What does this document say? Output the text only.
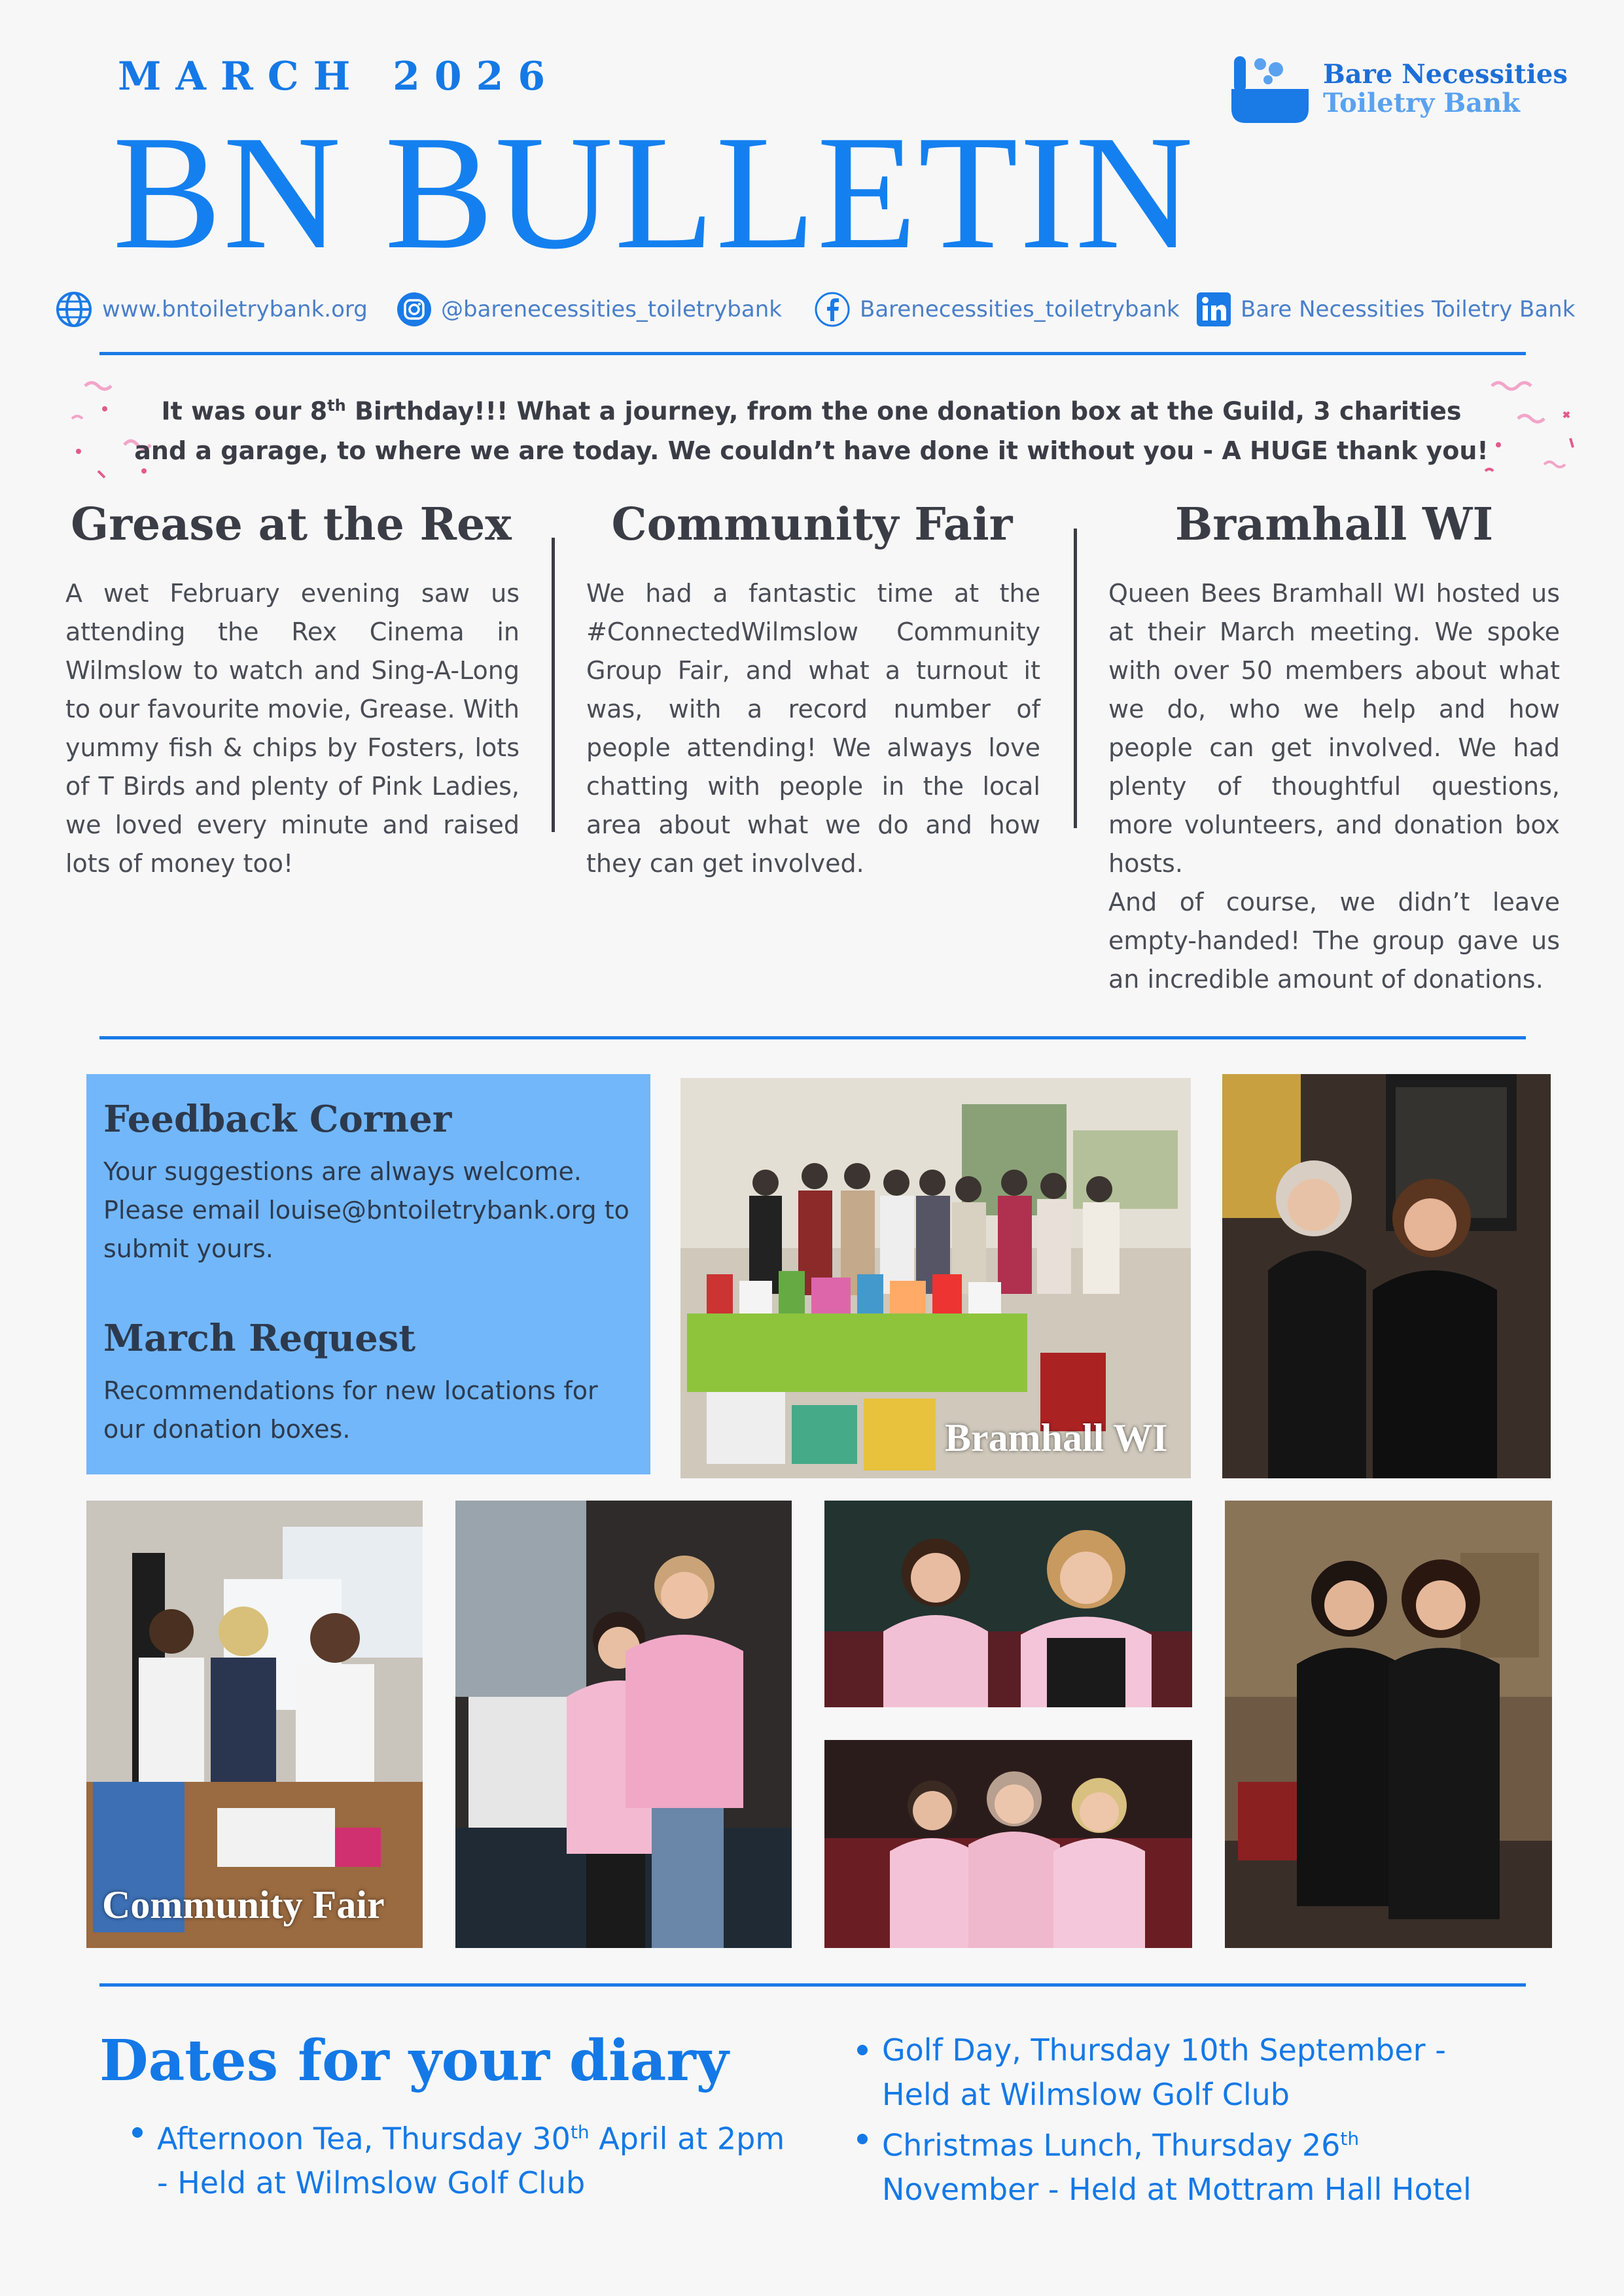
MARCH 2026
BN BULLETIN
Bare Necessities
Toiletry Bank
www.bntoiletrybank.org	@barenecessities_toiletrybank	Barenecessities_toiletrybank	Bare Necessities Toiletry Bank
It was our 8th Birthday!!! What a journey, from the one donation box at the Guild, 3 charities and a garage, to where we are today. We couldn’t have done it without you - A HUGE thank you!
Grease at the Rex
A wet February evening saw us attending the Rex Cinema in Wilmslow to watch and Sing-A-Long to our favourite movie, Grease. With yummy fish & chips by Fosters, lots of T Birds and plenty of Pink Ladies, we loved every minute and raised lots of money too!
Community Fair
We had a fantastic time at the #ConnectedWilmslow Community Group Fair, and what a turnout it was, with a record number of people attending! We always love chatting with people in the local area about what we do and how they can get involved.
Bramhall WI
Queen Bees Bramhall WI hosted us at their March meeting. We spoke with over 50 members about what we do, who we help and how people can get involved. We had plenty of thoughtful questions, more volunteers, and donation box hosts.
And of course, we didn’t leave empty-handed! The group gave us an incredible amount of donations.
Feedback Corner
Your suggestions are always welcome. Please email louise@bntoiletrybank.org to submit yours.
March Request
Recommendations for new locations for our donation boxes.	Bramhall WI
Community Fair
Dates for your diary
Afternoon Tea, Thursday 30th April at 2pm - Held at Wilmslow Golf Club
Golf Day, Thursday 10th September - Held at Wilmslow Golf Club
Christmas Lunch, Thursday 26th November - Held at Mottram Hall Hotel
